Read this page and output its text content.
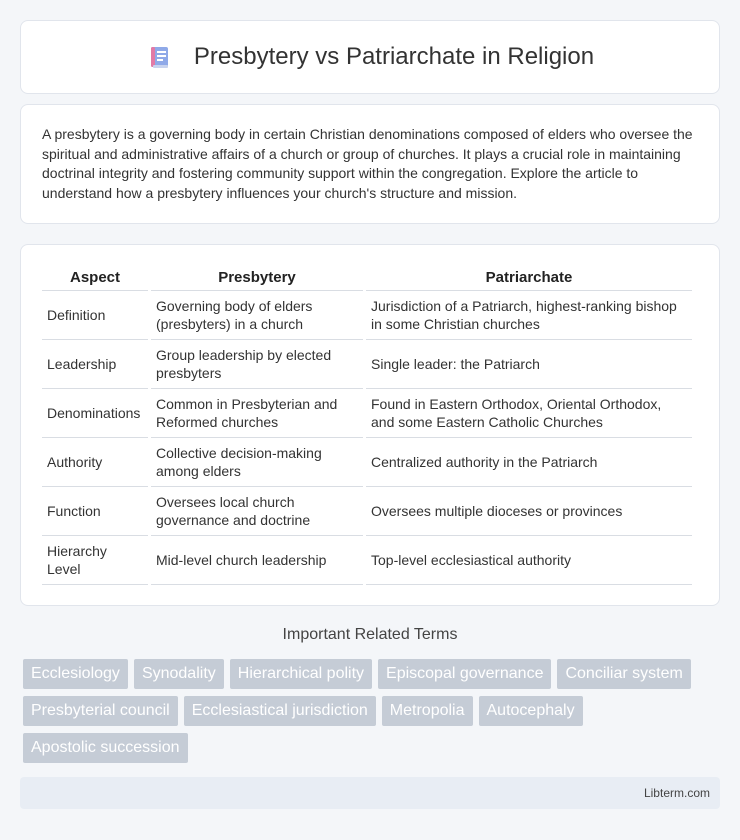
Presbytery vs Patriarchate in Religion

A presbytery is a governing body in certain Christian denominations composed of elders who oversee the spiritual and administrative affairs of a church or group of churches. It plays a crucial role in maintaining doctrinal integrity and fostering community support within the congregation. Explore the article to understand how a presbytery influences your church's structure and mission.

Aspect	Presbytery	Patriarchate
Definition	Governing body of elders (presbyters) in a church	Jurisdiction of a Patriarch, highest-ranking bishop in some Christian churches
Leadership	Group leadership by elected presbyters	Single leader: the Patriarch
Denominations	Common in Presbyterian and Reformed churches	Found in Eastern Orthodox, Oriental Orthodox, and some Eastern Catholic Churches
Authority	Collective decision-making among elders	Centralized authority in the Patriarch
Function	Oversees local church governance and doctrine	Oversees multiple dioceses or provinces
Hierarchy Level	Mid-level church leadership	Top-level ecclesiastical authority
Important Related Terms
Ecclesiology	Synodality	Hierarchical polity	Episcopal governance	Conciliar system
Presbyterial council	Ecclesiastical jurisdiction	Metropolia	Autocephaly
Apostolic succession
Libterm.com
